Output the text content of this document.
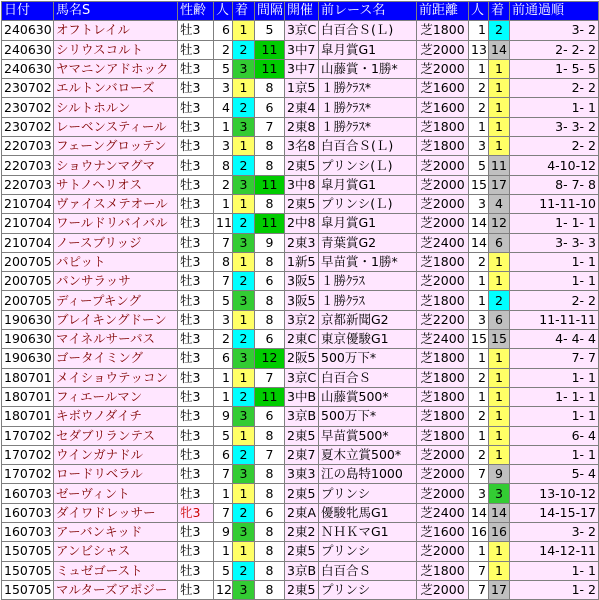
日付	馬名S	性齢	人	着	間隔	開催	前レース名	前距離	人	着	前通過順
240630	オフトレイル	牡3	6	1	5	3京C	白百合Ｓ(Ｌ)	芝1800	1	2	3- 2
240630	シリウスコルト	牡3	2	2	11	3中7	皐月賞G1	芝2000	13	14	2- 2- 2
240630	ヤマニンアドホック	牡3	5	3	11	3中7	山藤賞・1勝*	芝2000	1	1	1- 5- 5
230702	エルトンバローズ	牡3	3	1	8	1京5	１勝ｸﾗｽ*	芝1600	2	1	2- 2
230702	シルトホルン	牡3	4	2	6	2東4	１勝ｸﾗｽ*	芝1600	2	1	1- 1
230702	レーベンスティール	牡3	1	3	7	2東8	１勝ｸﾗｽ*	芝1800	1	1	3- 3- 2
220703	フェーングロッテン	牡3	3	1	8	3名8	白百合Ｓ(Ｌ)	芝1800	3	1	2- 2
220703	ショウナンマグマ	牡3	8	2	8	2東5	プリンシ(Ｌ)	芝2000	5	11	4-10-12
220703	サトノヘリオス	牡3	2	3	11	3中8	皐月賞G1	芝2000	15	17	8- 7- 8
210704	ヴァイスメテオール	牡3	1	1	8	2東5	プリンシ(Ｌ)	芝2000	3	4	11-11-10
210704	ワールドリバイバル	牡3	11	2	11	2中8	皐月賞G1	芝2000	14	12	1- 1- 1
210704	ノースブリッジ	牡3	7	3	9	2東3	青葉賞G2	芝2400	14	6	3- 3- 3
200705	パピット	牡3	8	1	8	1新5	早苗賞・1勝*	芝1800	2	1	1- 1
200705	パンサラッサ	牡3	7	2	6	3阪5	１勝ｸﾗｽ	芝2000	1	1	1- 1
200705	ディープキング	牡3	5	3	8	3阪5	１勝ｸﾗｽ	芝1800	1	2	2- 2
190630	ブレイキングドーン	牡3	3	1	8	3京2	京都新聞G2	芝2200	3	6	11-11-11
190630	マイネルサーパス	牡3	2	2	6	2東C	東京優駿G1	芝2400	15	15	4- 4- 4
190630	ゴータイミング	牡3	6	3	12	2阪5	500万下*	芝1800	1	1	7- 7
180701	メイショウテッコン	牡3	1	1	7	3京C	白百合Ｓ	芝1800	2	1	1- 1
180701	フィエールマン	牡3	1	2	11	3中B	山藤賞500*	芝1800	1	1	1- 1- 1
180701	キボウノダイチ	牡3	9	3	6	3京B	500万下*	芝1800	2	1	1- 1
170702	セダブリランテス	牡3	5	1	8	2東5	早苗賞500*	芝1800	1	1	6- 4
170702	ウインガナドル	牡3	6	2	7	2東7	夏木立賞500*	芝2000	2	1	1- 1
170702	ロードリベラル	牡3	7	3	8	3東3	江の島特1000	芝2000	7	9	5- 4
160703	ゼーヴィント	牡3	1	1	8	2東5	プリンシ	芝2000	3	3	13-10-12
160703	ダイワドレッサー	牝3	7	2	6	2東A	優駿牝馬G1	芝2400	14	14	14-15-17
160703	アーバンキッド	牡3	9	3	8	2東2	ＮＨＫマG1	芝1600	16	16	3- 2
150705	アンビシャス	牡3	1	1	8	2東5	プリンシ	芝2000	1	1	14-12-11
150705	ミュゼゴースト	牡3	5	2	8	3京B	白百合Ｓ	芝1800	7	1	1- 1
150705	マルターズアポジー	牡3	12	3	8	2東5	プリンシ	芝2000	7	17	1- 2
